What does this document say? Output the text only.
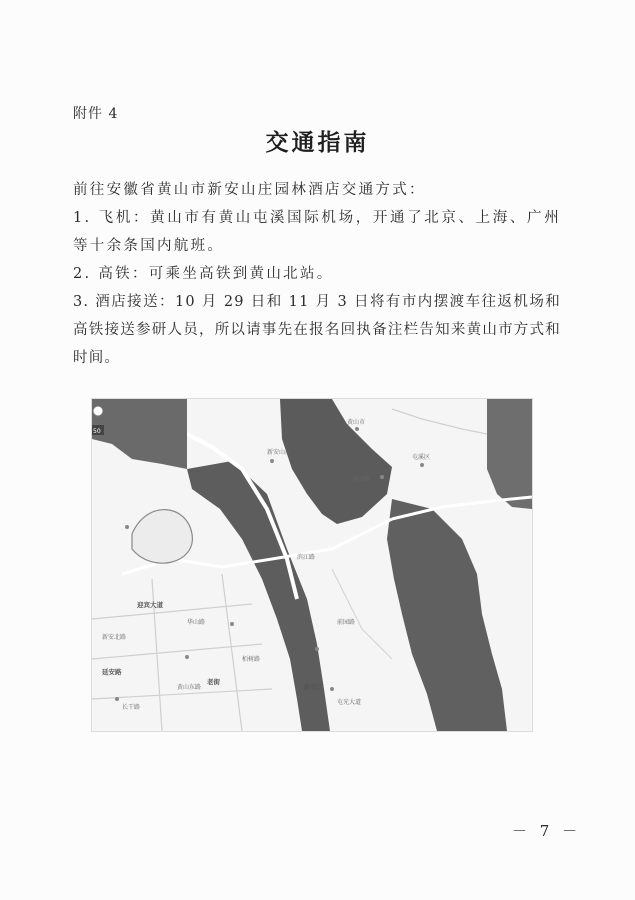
附件 4
交通指南

前往安徽省黄山市新安山庄园林酒店交通方式：

1. 飞机：黄山市有黄山屯溪国际机场，开通了北京、上海、广州等十余条国内航班。

2. 高铁：可乘坐高铁到黄山北站。

3. 酒店接送：10 月 29 日和 11 月 3 日将有市内摆渡车往返机场和高铁接送参研人员，所以请事先在报名回执备注栏告知来黄山市方式和时间。

50
黄山市
新安山庄
屯溪区
新安江
黄山路
迎宾大道
滨江路
华山路
新安北路
前园路
延安路
黄山东路
栢树路
老街
长干路
屯光大道
－ 7 －
